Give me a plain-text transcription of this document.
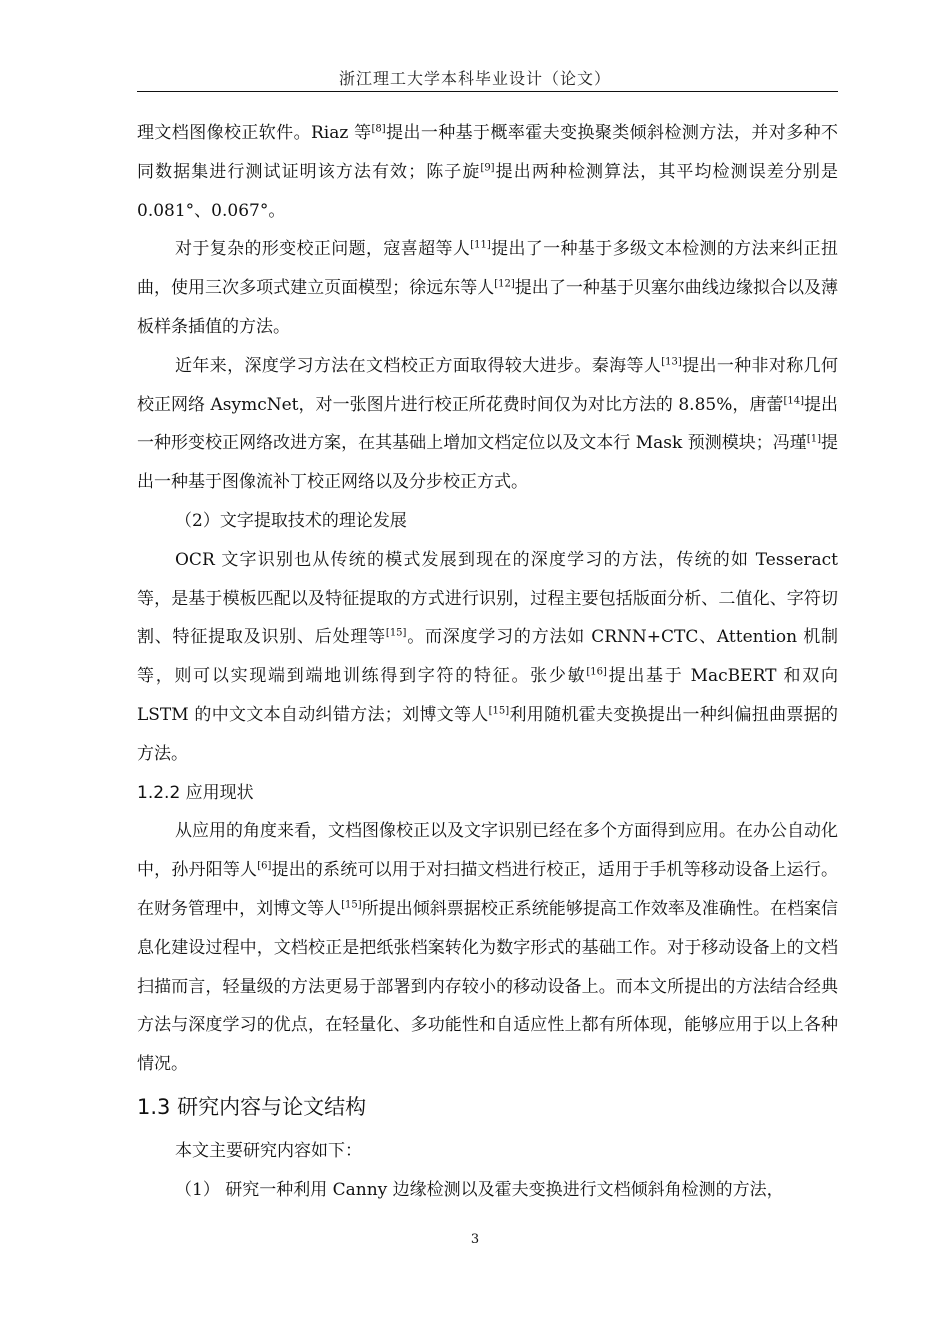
浙江理工大学本科毕业设计（论文）

理文档图像校正软件。Riaz 等[8]提出一种基于概率霍夫变换聚类倾斜检测方法，并对多种不同数据集进行测试证明该方法有效；陈子旋[9]提出两种检测算法，其平均检测误差分别是 0.081°、0.067°。

对于复杂的形变校正问题，寇喜超等人[11]提出了一种基于多级文本检测的方法来纠正扭曲，使用三次多项式建立页面模型；徐远东等人[12]提出了一种基于贝塞尔曲线边缘拟合以及薄板样条插值的方法。

近年来，深度学习方法在文档校正方面取得较大进步。秦海等人[13]提出一种非对称几何校正网络 AsymcNet，对一张图片进行校正所花费时间仅为对比方法的 8.85%，唐蕾[14]提出一种形变校正网络改进方案，在其基础上增加文档定位以及文本行 Mask 预测模块；冯瑾[1]提出一种基于图像流补丁校正网络以及分步校正方式。

（2）文字提取技术的理论发展

OCR 文字识别也从传统的模式发展到现在的深度学习的方法，传统的如 Tesseract 等，是基于模板匹配以及特征提取的方式进行识别，过程主要包括版面分析、二值化、字符切割、特征提取及识别、后处理等[15]。而深度学习的方法如 CRNN+CTC、Attention 机制等，则可以实现端到端地训练得到字符的特征。张少敏[16]提出基于 MacBERT 和双向 LSTM 的中文文本自动纠错方法；刘博文等人[15]利用随机霍夫变换提出一种纠偏扭曲票据的方法。

1.2.2 应用现状

从应用的角度来看，文档图像校正以及文字识别已经在多个方面得到应用。在办公自动化中，孙丹阳等人[6]提出的系统可以用于对扫描文档进行校正，适用于手机等移动设备上运行。在财务管理中，刘博文等人[15]所提出倾斜票据校正系统能够提高工作效率及准确性。在档案信息化建设过程中，文档校正是把纸张档案转化为数字形式的基础工作。对于移动设备上的文档扫描而言，轻量级的方法更易于部署到内存较小的移动设备上。而本文所提出的方法结合经典方法与深度学习的优点，在轻量化、多功能性和自适应性上都有所体现，能够应用于以上各种情况。

1.3 研究内容与论文结构

本文主要研究内容如下：

（1） 研究一种利用 Canny 边缘检测以及霍夫变换进行文档倾斜角检测的方法，

3
